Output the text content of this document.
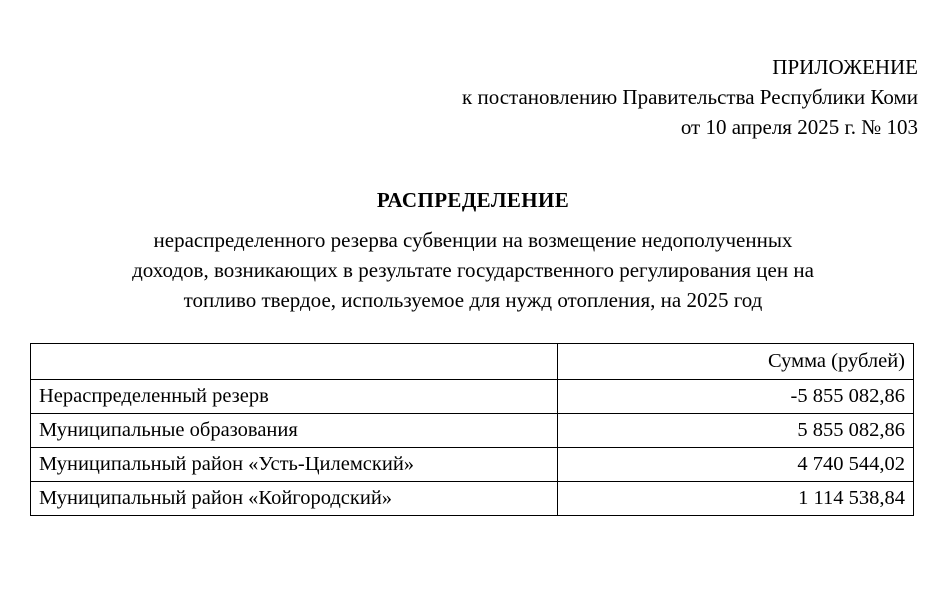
ПРИЛОЖЕНИЕ
к постановлению Правительства Республики Коми
от 10 апреля 2025 г. № 103
РАСПРЕДЕЛЕНИЕ
нераспределенного резерва субвенции на возмещение недополученных
доходов, возникающих в результате государственного регулирования цен на
топливо твердое, используемое для нужд отопления, на 2025 год
	Сумма (рублей)
Нераспределенный резерв	-5 855 082,86
Муниципальные образования	5 855 082,86
Муниципальный район «Усть-Цилемский»	4 740 544,02
Муниципальный район «Койгородский»	1 114 538,84
